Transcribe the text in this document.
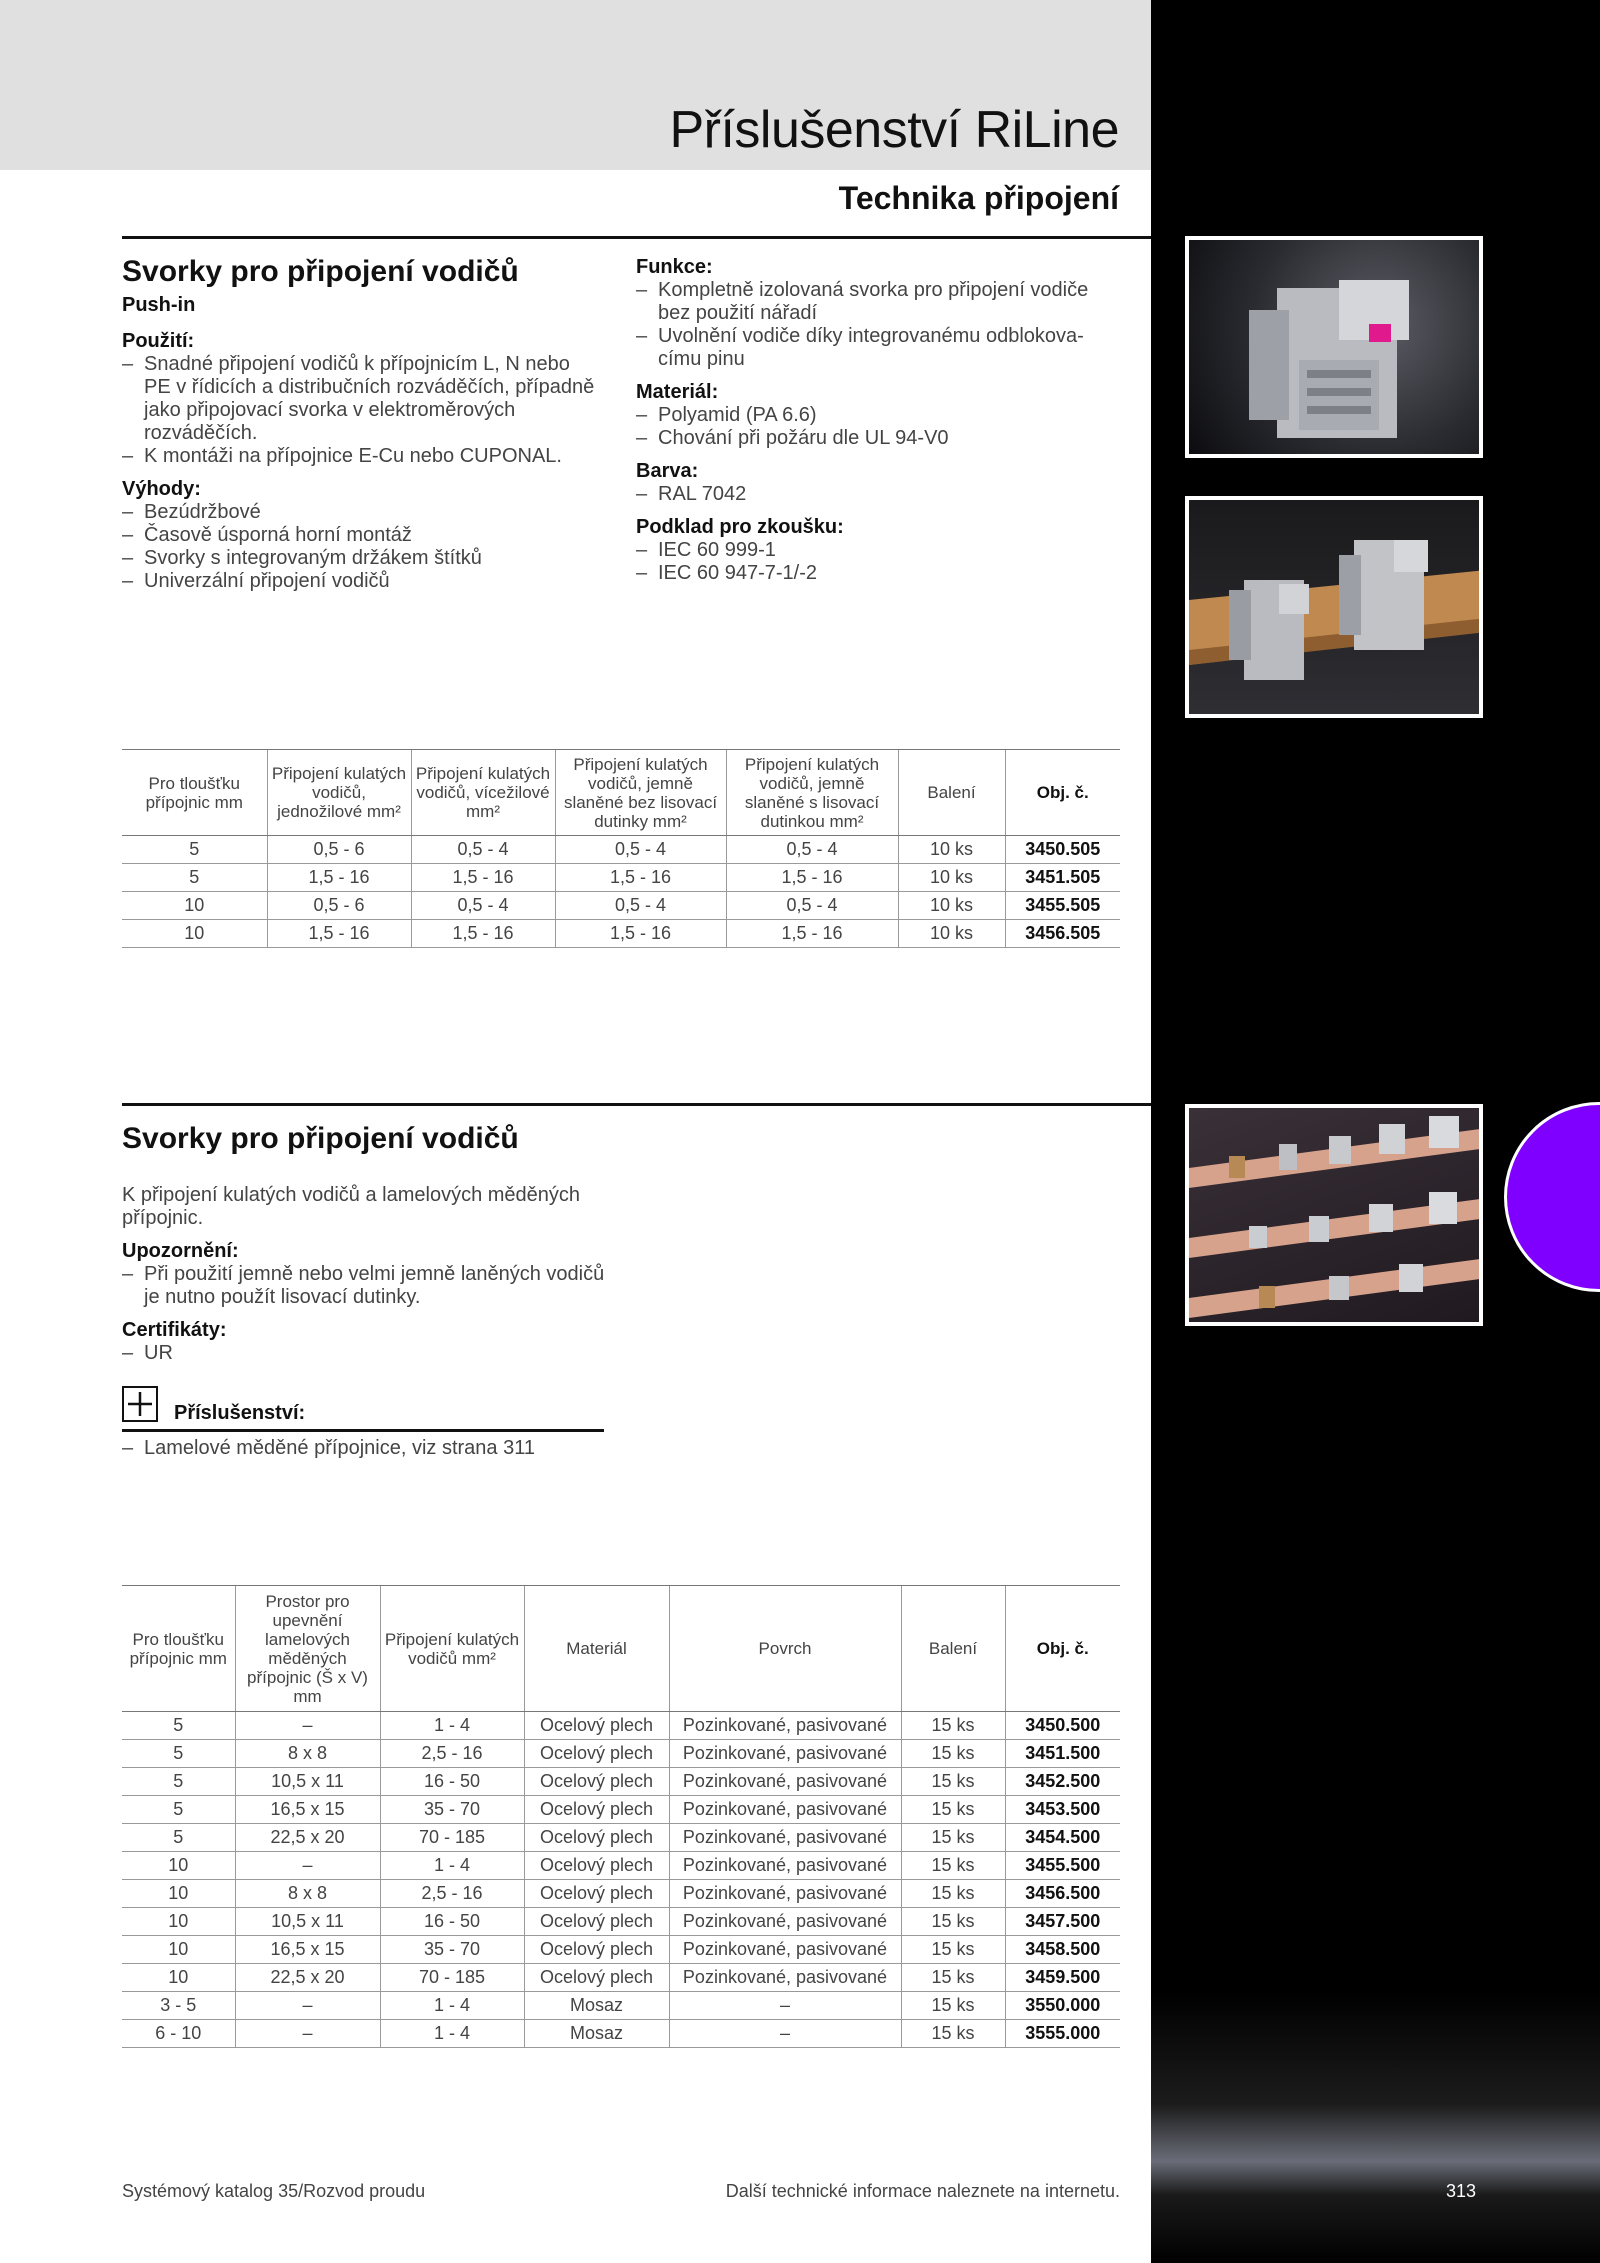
Příslušenství RiLine
Technika připojení
Svorky pro připojení vodičů
Push-in
Použití:
– Snadné připojení vodičů k přípojnicím L, N nebo PE v řídicích a distribučních rozváděčích, případně jako připojovací svorka v elektroměrových rozváděčích.
– K montáži na přípojnice E-Cu nebo CUPONAL.
Výhody:
– Bezúdržbové
– Časově úsporná horní montáž
– Svorky s integrovaným držákem štítků
– Univerzální připojení vodičů
Funkce:
– Kompletně izolovaná svorka pro připojení vodiče bez použití nářadí
– Uvolnění vodiče díky integrovanému odblokovacímu pinu
Materiál:
– Polyamid (PA 6.6)
– Chování při požáru dle UL 94-V0
Barva:
– RAL 7042
Podklad pro zkoušku:
– IEC 60 999-1
– IEC 60 947-7-1/-2
Pro tloušťku přípojnic mm	Připojení kulatých vodičů, jednožilové mm²	Připojení kulatých vodičů, vícežilové mm²	Připojení kulatých vodičů, jemně slaněné bez lisovací dutinky mm²	Připojení kulatých vodičů, jemně slaněné s lisovací dutinkou mm²	Balení	Obj. č.
5	0,5 - 6	0,5 - 4	0,5 - 4	0,5 - 4	10 ks	3450.505
5	1,5 - 16	1,5 - 16	1,5 - 16	1,5 - 16	10 ks	3451.505
10	0,5 - 6	0,5 - 4	0,5 - 4	0,5 - 4	10 ks	3455.505
10	1,5 - 16	1,5 - 16	1,5 - 16	1,5 - 16	10 ks	3456.505
Svorky pro připojení vodičů
K připojení kulatých vodičů a lamelových měděných přípojnic.
Upozornění:
– Při použití jemně nebo velmi jemně laněných vodičů je nutno použít lisovací dutinky.
Certifikáty:
– UR
Příslušenství:
– Lamelové měděné přípojnice, viz strana 311
Pro tloušťku přípojnic mm	Prostor pro upevnění lamelových měděných přípojnic (Š x V) mm	Připojení kulatých vodičů mm²	Materiál	Povrch	Balení	Obj. č.
5	–	1 - 4	Ocelový plech	Pozinkované, pasivované	15 ks	3450.500
5	8 x 8	2,5 - 16	Ocelový plech	Pozinkované, pasivované	15 ks	3451.500
5	10,5 x 11	16 - 50	Ocelový plech	Pozinkované, pasivované	15 ks	3452.500
5	16,5 x 15	35 - 70	Ocelový plech	Pozinkované, pasivované	15 ks	3453.500
5	22,5 x 20	70 - 185	Ocelový plech	Pozinkované, pasivované	15 ks	3454.500
10	–	1 - 4	Ocelový plech	Pozinkované, pasivované	15 ks	3455.500
10	8 x 8	2,5 - 16	Ocelový plech	Pozinkované, pasivované	15 ks	3456.500
10	10,5 x 11	16 - 50	Ocelový plech	Pozinkované, pasivované	15 ks	3457.500
10	16,5 x 15	35 - 70	Ocelový plech	Pozinkované, pasivované	15 ks	3458.500
10	22,5 x 20	70 - 185	Ocelový plech	Pozinkované, pasivované	15 ks	3459.500
3 - 5	–	1 - 4	Mosaz	–	15 ks	3550.000
6 - 10	–	1 - 4	Mosaz	–	15 ks	3555.000
Systémový katalog 35/Rozvod proudu	Další technické informace naleznete na internetu.	313
